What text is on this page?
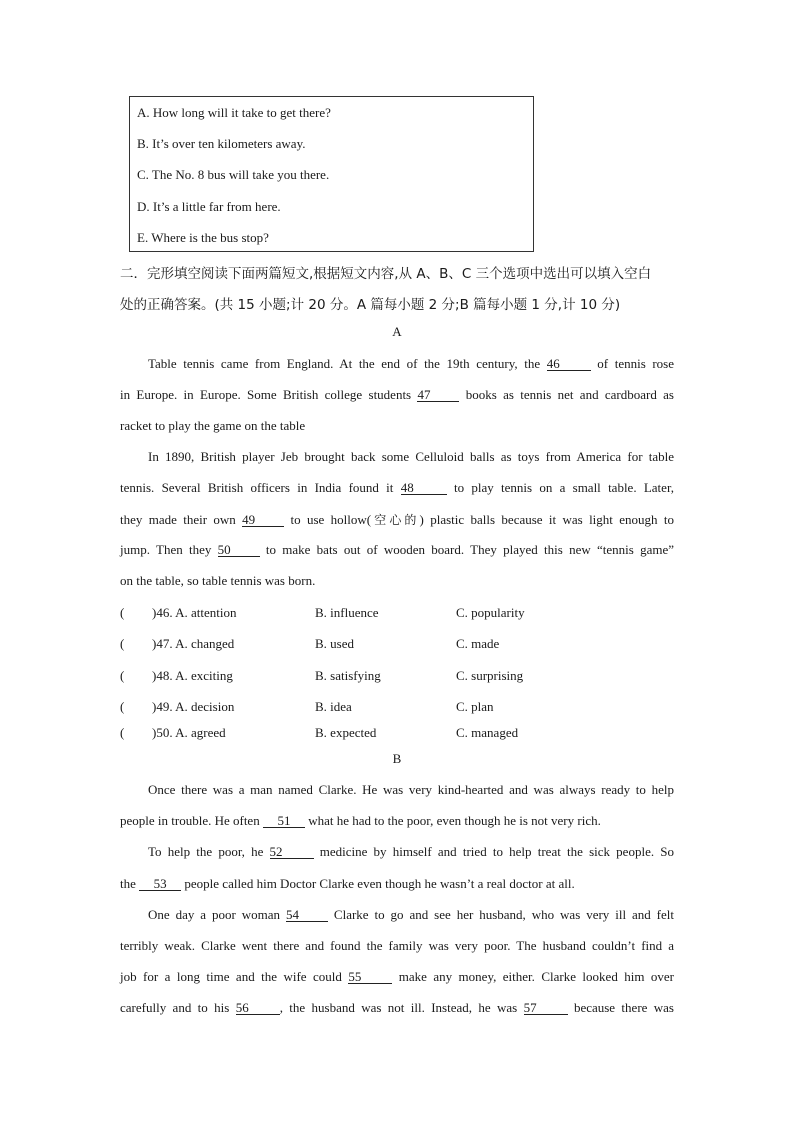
A. How long will it take to get there?
B. It’s over ten kilometers away.
C. The No. 8 bus will take you there.
D. It’s a little far from here.
E. Where is the bus stop?
二．完形填空阅读下面两篇短文,根据短文内容,从 A、B、C 三个选项中选出可以填入空白
处的正确答案。(共 15 小题;计 20 分。A 篇每小题 2 分;B 篇每小题 1 分,计 10 分)
A
Table tennis came from England. At the end of the 19th century, the 46	of tennis rose
in Europe. in Europe. Some British college students 47	books as tennis net and cardboard as
racket to play the game on the table
In 1890, British player Jeb brought back some Celluloid balls as toys from America for table
tennis. Several British officers in India found it 48	to play tennis on a small table. Later,
they made their own 49	to use hollow(空心的) plastic balls because it was light enough to
jump. Then they 50	to make bats out of wooden board. They played this new “tennis game”
on the table, so table tennis was born.
( )46. A. attention	B. influence	C. popularity
( )47. A. changed	B. used	C. made
( )48. A. exciting	B. satisfying	C. surprising
( )49. A. decision	B. idea	C. plan
( )50. A. agreed	B. expected	C. managed
B
Once there was a man named Clarke. He was very kind-hearted and was always ready to help
people in trouble. He often 51 what he had to the poor, even though he is not very rich.
To help the poor, he 52	medicine by himself and tried to help treat the sick people. So
the 53 people called him Doctor Clarke even though he wasn’t a real doctor at all.
One day a poor woman 54	Clarke to go and see her husband, who was very ill and felt
terribly weak. Clarke went there and found the family was very poor. The husband couldn’t find a
job for a long time and the wife could 55	make any money, either. Clarke looked him over
carefully and to his 56 , the husband was not ill. Instead, he was 57	because there was
